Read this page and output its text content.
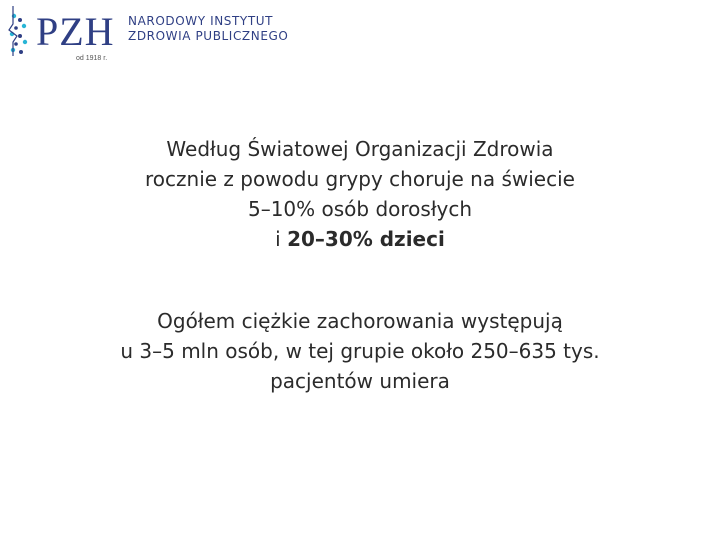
PZH NARODOWY INSTYTUT
ZDROWIA PUBLICZNEGO
od 1918 r.
Według Światowej Organizacji Zdrowia
rocznie z powodu grypy choruje na świecie
5–10% osób dorosłych
i 20–30% dzieci
Ogółem ciężkie zachorowania występują
u 3–5 mln osób, w tej grupie około 250–635 tys.
pacjentów umiera
